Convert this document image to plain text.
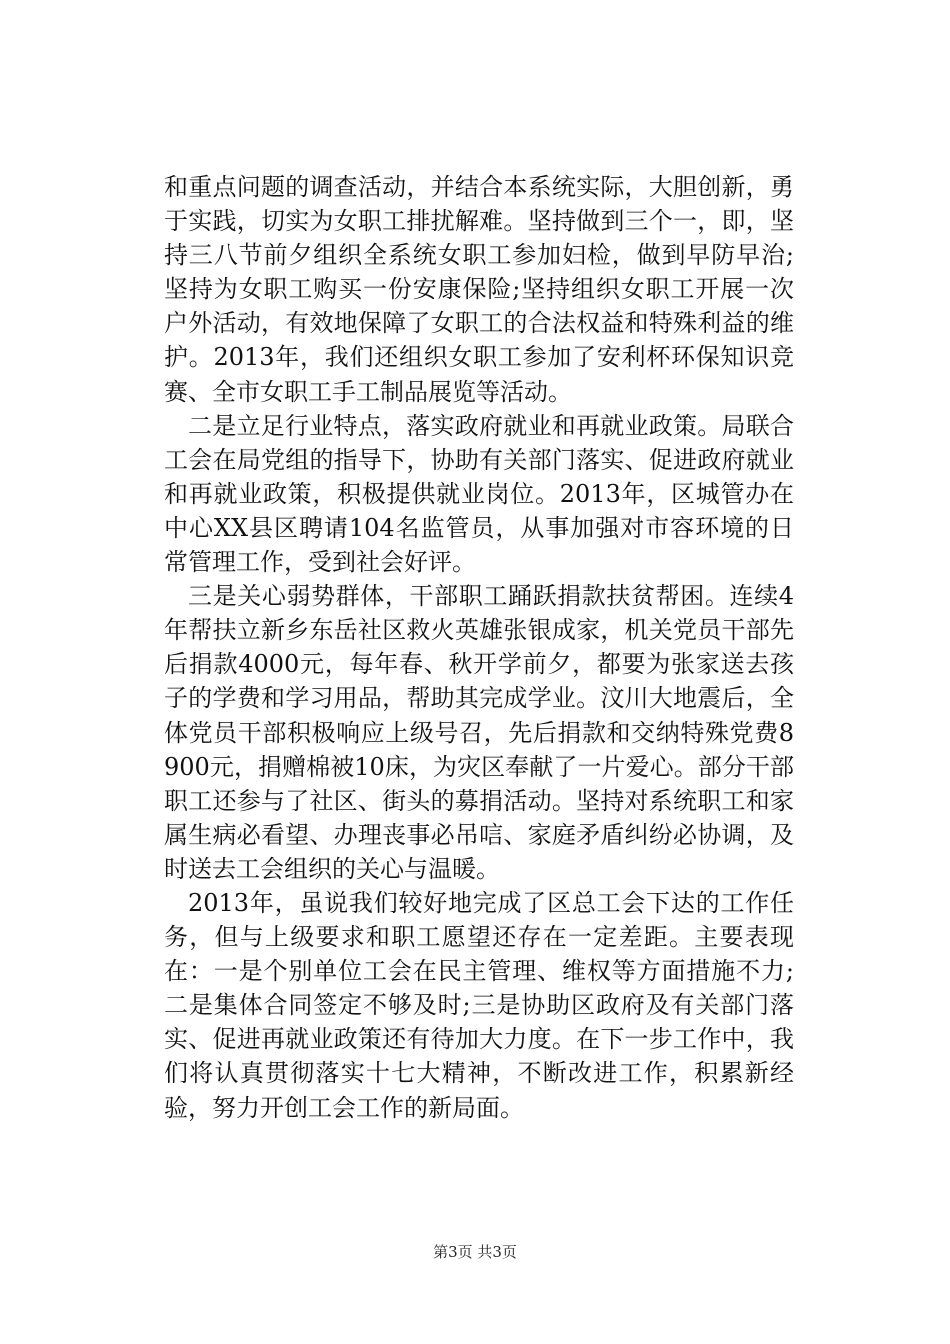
和重点问题的调查活动，并结合本系统实际，大胆创新，勇于实践，切实为女职工排扰解难。坚持做到三个一，即，坚持三八节前夕组织全系统女职工参加妇检，做到早防早治;坚持为女职工购买一份安康保险;坚持组织女职工开展一次户外活动，有效地保障了女职工的合法权益和特殊利益的维护。2013年，我们还组织女职工参加了安利杯环保知识竞赛、全市女职工手工制品展览等活动。

二是立足行业特点，落实政府就业和再就业政策。局联合工会在局党组的指导下，协助有关部门落实、促进政府就业和再就业政策，积极提供就业岗位。2013年，区城管办在中心XX县区聘请104名监管员，从事加强对市容环境的日常管理工作，受到社会好评。

三是关心弱势群体，干部职工踊跃捐款扶贫帮困。连续4年帮扶立新乡东岳社区救火英雄张银成家，机关党员干部先后捐款4000元，每年春、秋开学前夕，都要为张家送去孩子的学费和学习用品，帮助其完成学业。汶川大地震后，全体党员干部积极响应上级号召，先后捐款和交纳特殊党费8900元，捐赠棉被10床，为灾区奉献了一片爱心。部分干部职工还参与了社区、街头的募捐活动。坚持对系统职工和家属生病必看望、办理丧事必吊唁、家庭矛盾纠纷必协调，及时送去工会组织的关心与温暖。

2013年，虽说我们较好地完成了区总工会下达的工作任务，但与上级要求和职工愿望还存在一定差距。主要表现在：一是个别单位工会在民主管理、维权等方面措施不力;二是集体合同签定不够及时;三是协助区政府及有关部门落实、促进再就业政策还有待加大力度。在下一步工作中，我们将认真贯彻落实十七大精神，不断改进工作，积累新经验，努力开创工会工作的新局面。

第3页 共3页
